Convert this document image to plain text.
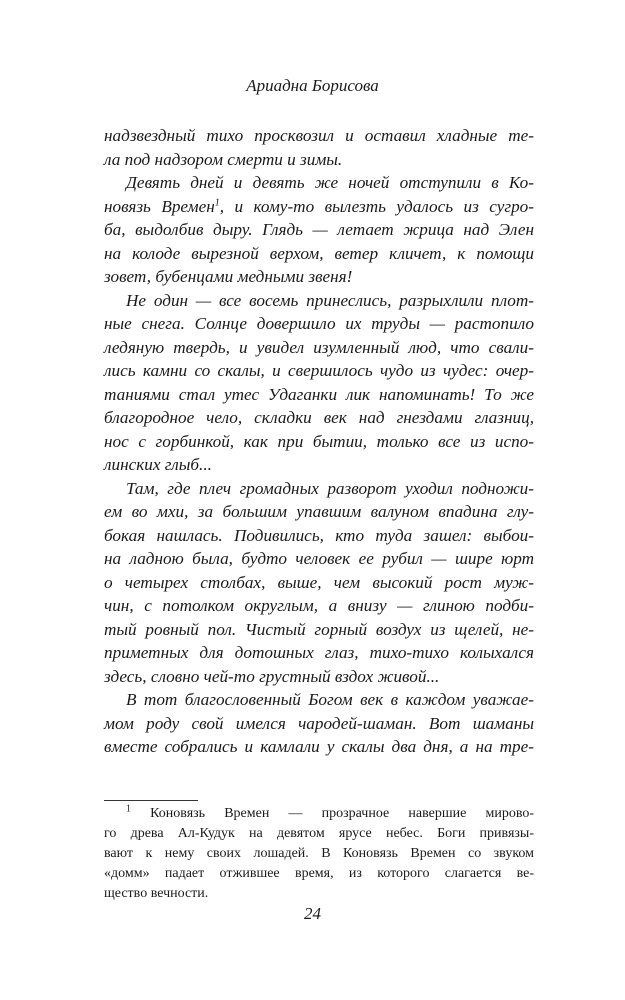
Ариадна Борисова
надзвездный тихо просквозил и оставил хладные те-
ла под надзором смерти и зимы.
Девять дней и девять же ночей отступили в Ко-
новязь Времен$^1$, и кому-то вылезть удалось из сугро-
ба, выдолбив дыру. Глядь — летает жрица над Элен
на колоде вырезной верхом, ветер кличет, к помощи
зовет, бубенцами медными звеня!
Не один — все восемь принеслись, разрыхлили плот-
ные снега. Солнце довершило их труды — растопило
ледяную твердь, и увидел изумленный люд, что свали-
лись камни со скалы, и свершилось чудо из чудес: очер-
таниями стал утес Удаганки лик напоминать! То же
благородное чело, складки век над гнездами глазниц,
нос с горбинкой, как при бытии, только все из испо-
линских глыб...
Там, где плеч громадных разворот уходил подножи-
ем во мхи, за большим упавшим валуном впадина глу-
бокая нашлась. Подивились, кто туда зашел: выбои-
на ладною была, будто человек ее рубил — шире юрт
о четырех столбах, выше, чем высокий рост муж-
чин, с потолком округлым, а внизу — глиною подби-
тый ровный пол. Чистый горный воздух из щелей, не-
приметных для дотошных глаз, тихо-тихо колыхался
здесь, словно чей-то грустный вздох живой...
В тот благословенный Богом век в каждом уважае-
мом роду свой имелся чародей-шаман. Вот шаманы
вместе собрались и камлали у скалы два дня, а на тре-
$^1$ Коновязь Времен — прозрачное навершие мирово-
го древа Ал-Кудук на девятом ярусе небес. Боги привязы-
вают к нему своих лошадей. В Коновязь Времен со звуком
«домм» падает отжившее время, из которого слагается ве-
щество вечности.
24
